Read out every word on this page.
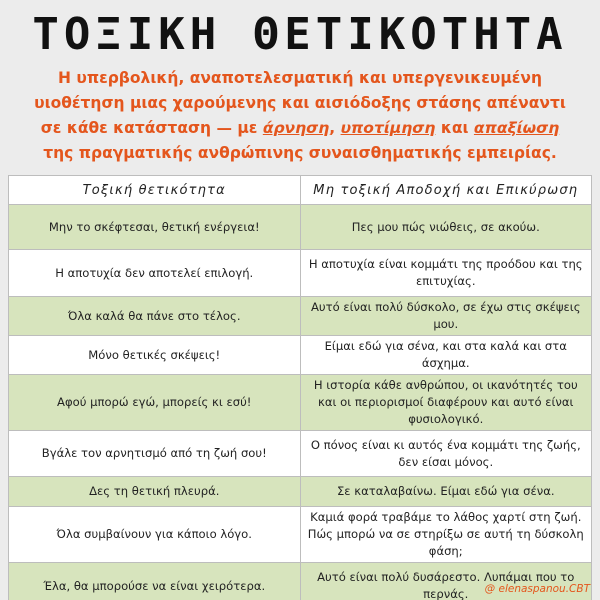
ΤΟΞΙΚΗ ΘΕΤΙΚΟΤΗΤΑ
Η υπερβολική, αναποτελεσματική και υπεργενικευμένη
υιοθέτηση μιας χαρούμενης και αισιόδοξης στάσης απέναντι
σε κάθε κατάσταση — με άρνηση, υποτίμηση και απαξίωση
της πραγματικής ανθρώπινης συναισθηματικής εμπειρίας.
Τοξική θετικότητα	Μη τοξική Αποδοχή και Επικύρωση
Μην το σκέφτεσαι, θετική ενέργεια!	Πες μου πώς νιώθεις, σε ακούω.
Η αποτυχία δεν αποτελεί επιλογή.	Η αποτυχία είναι κομμάτι της προόδου και της επιτυχίας.
Όλα καλά θα πάνε στο τέλος.	Αυτό είναι πολύ δύσκολο, σε έχω στις σκέψεις μου.
Μόνο θετικές σκέψεις!	Είμαι εδώ για σένα, και στα καλά και στα άσχημα.
Αφού μπορώ εγώ, μπορείς κι εσύ!	Η ιστορία κάθε ανθρώπου, οι ικανότητές του και οι περιορισμοί διαφέρουν και αυτό είναι φυσιολογικό.
Βγάλε τον αρνητισμό από τη ζωή σου!	Ο πόνος είναι κι αυτός ένα κομμάτι της ζωής, δεν είσαι μόνος.
Δες τη θετική πλευρά.	Σε καταλαβαίνω. Είμαι εδώ για σένα.
Όλα συμβαίνουν για κάποιο λόγο.	Καμιά φορά τραβάμε το λάθος χαρτί στη ζωή. Πώς μπορώ να σε στηρίξω σε αυτή τη δύσκολη φάση;
Έλα, θα μπορούσε να είναι χειρότερα.	Αυτό είναι πολύ δυσάρεστο. Λυπάμαι που το περνάς. @ elenaspanou.CBT
